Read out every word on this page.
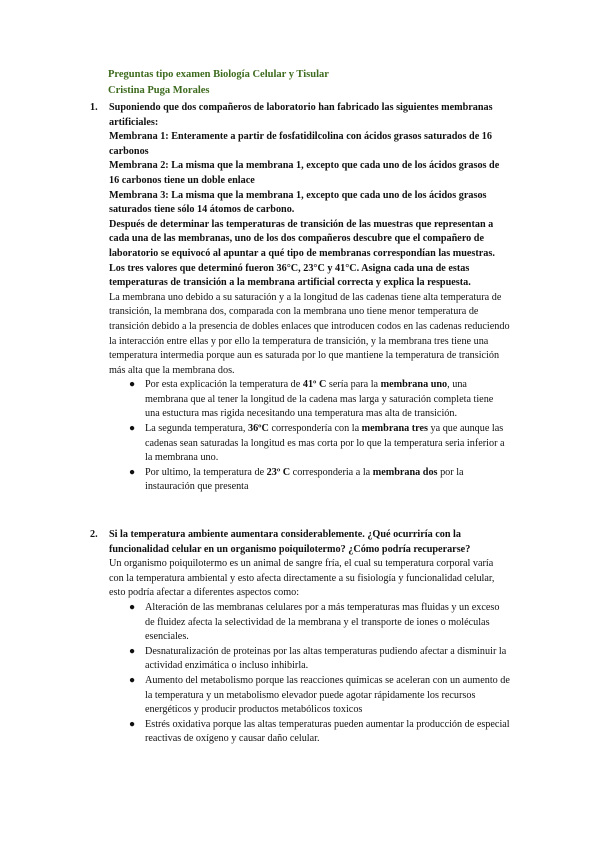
Preguntas tipo examen Biología Celular y Tisular
Cristina Puga Morales
1. Suponiendo que dos compañeros de laboratorio han fabricado las siguientes membranas artificiales:

Membrana 1: Enteramente a partir de fosfatidilcolina con ácidos grasos saturados de 16 carbonos

Membrana 2: La misma que la membrana 1, excepto que cada uno de los ácidos grasos de 16 carbonos tiene un doble enlace

Membrana 3: La misma que la membrana 1, excepto que cada uno de los ácidos grasos saturados tiene sólo 14 átomos de carbono.

Después de determinar las temperaturas de transición de las muestras que representan a cada una de las membranas, uno de los dos compañeros descubre que el compañero de laboratorio se equivocó al apuntar a qué tipo de membranas correspondían las muestras.

Los tres valores que determinó fueron 36°C, 23°C y 41°C. Asigna cada una de estas temperaturas de transición a la membrana artificial correcta y explica la respuesta.

La membrana uno debido a su saturación y a la longitud de las cadenas tiene alta temperatura de transición, la membrana dos, comparada con la membrana uno tiene menor temperatura de transición debido a la presencia de dobles enlaces que introducen codos en las cadenas reduciendo la interacción entre ellas y por ello la temperatura de transición, y la membrana tres tiene una temperatura intermedia porque aun es saturada por lo que mantiene la temperatura de transición más alta que la membrana dos.

● Por esta explicación la temperatura de 41º C sería para la membrana uno, una membrana que al tener la longitud de la cadena mas larga y saturación completa tiene una estuctura mas rigida necesitando una temperatura mas alta de transición.
● La segunda temperatura, 36ºC correspondería con la membrana tres ya que aunque las cadenas sean saturadas la longitud es mas corta por lo que la temperatura seria inferior a la membrana uno.
● Por ultimo, la temperatura de 23º C corresponderia a la membrana dos por la instauración que presenta
2. Si la temperatura ambiente aumentara considerablemente. ¿Qué ocurriría con la funcionalidad celular en un organismo poiquilotermo? ¿Cómo podría recuperarse?

Un organismo poiquilotermo es un animal de sangre fría, el cual su temperatura corporal varía con la temperatura ambiental y esto afecta directamente a su fisiología y funcionalidad celular, esto podría afectar a diferentes aspectos como:

● Alteración de las membranas celulares por a más temperaturas mas fluidas y un exceso de fluidez afecta la selectividad de la membrana y el transporte de iones o moléculas esenciales.
● Desnaturalización de proteinas por las altas temperaturas pudiendo afectar a disminuir la actividad enzimática o incluso inhibirla.
● Aumento del metabolismo porque las reacciones químicas se aceleran con un aumento de la temperatura y un metabolismo elevador puede agotar rápidamente los recursos energéticos y producir productos metabólicos toxicos
● Estrés oxidativa porque las altas temperaturas pueden aumentar la producción de especial reactivas de oxígeno y causar daño celular.
